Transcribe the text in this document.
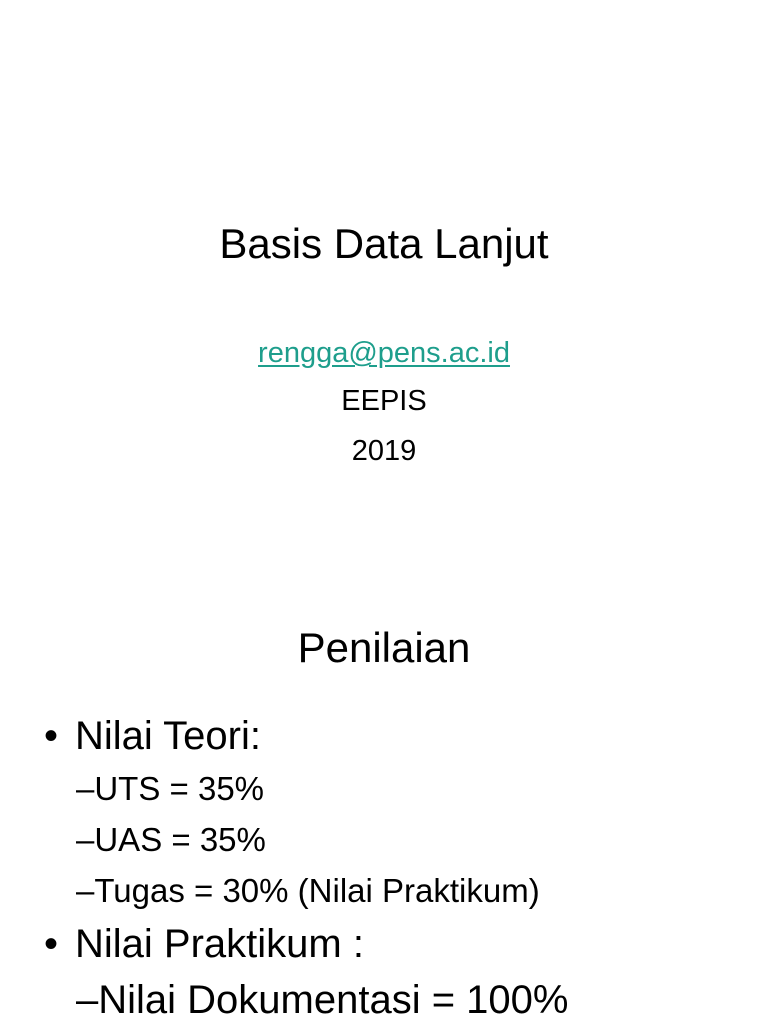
Basis Data Lanjut
rengga@pens.ac.id
EEPIS
2019
Penilaian
• Nilai Teori:
–UTS = 35%
–UAS = 35%
–Tugas = 30% (Nilai Praktikum)
• Nilai Praktikum :
–Nilai Dokumentasi = 100%
